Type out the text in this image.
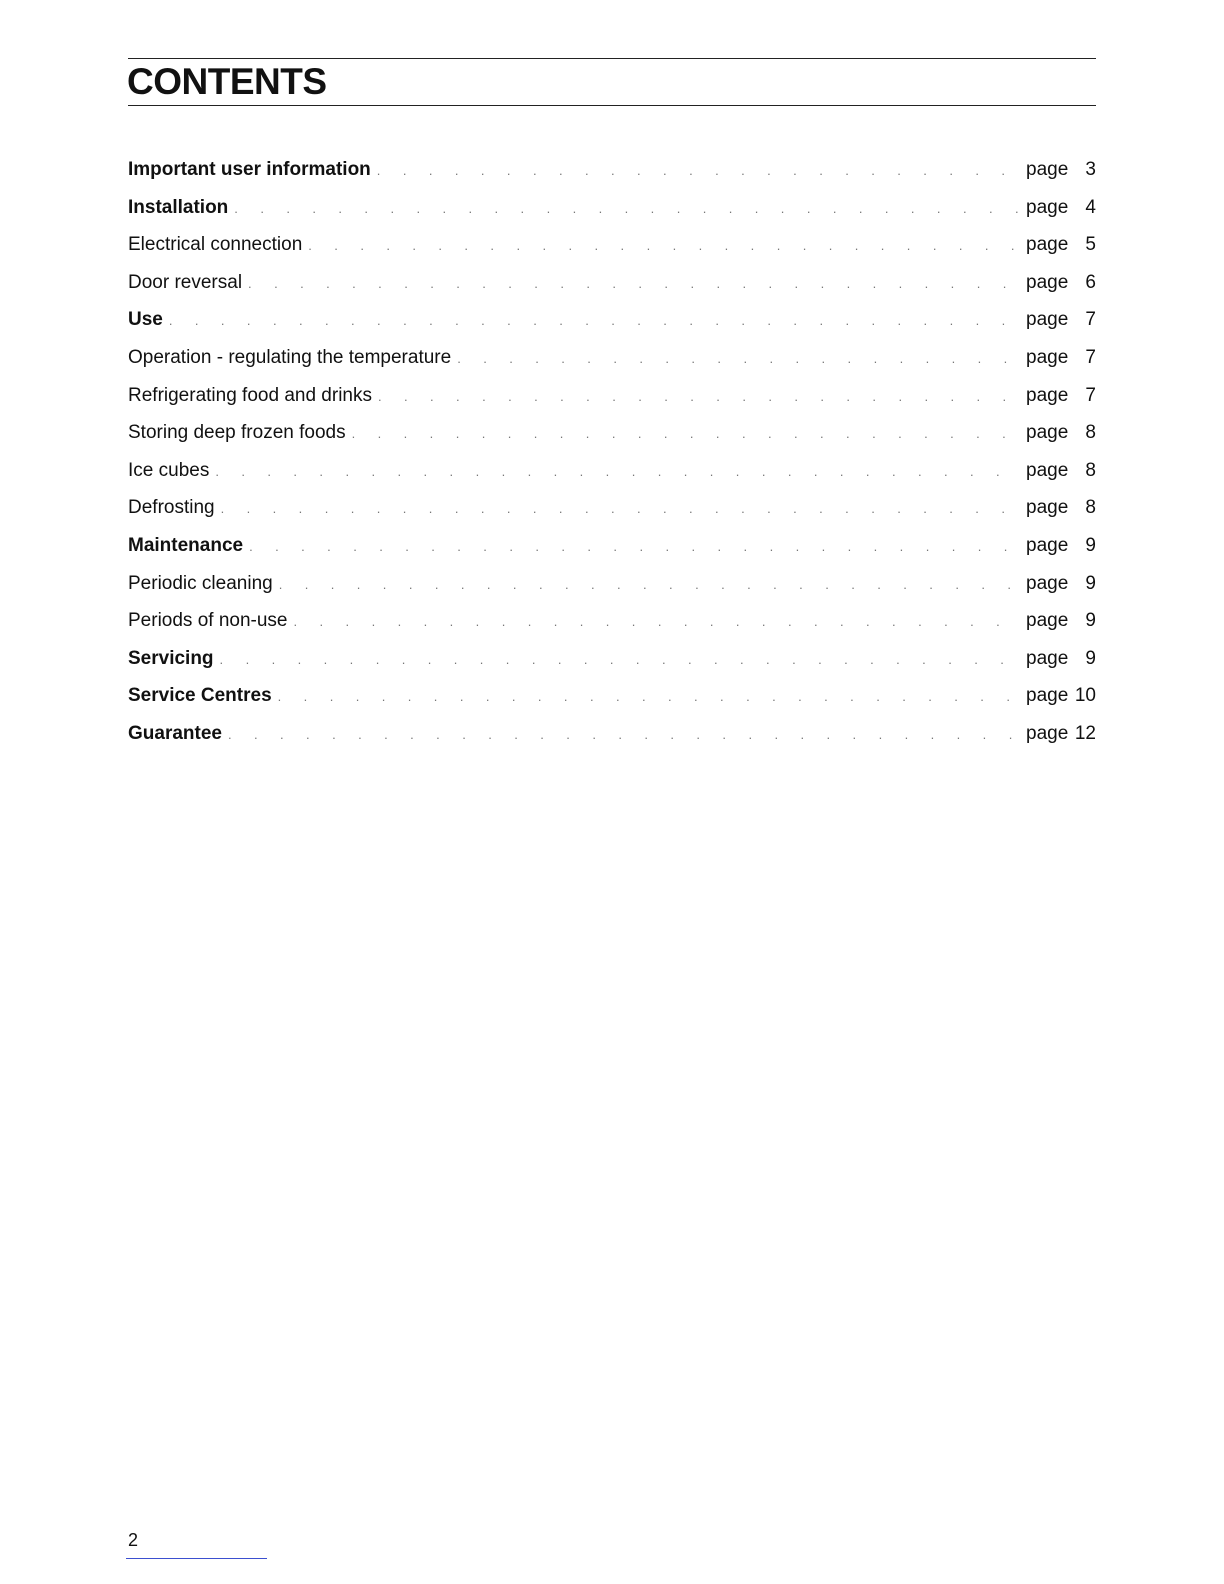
CONTENTS
Important user information . . .	page 3
Installation . . .	page 4
Electrical connection . . .	page 5
Door reversal . . .	page 6
Use . . .	page 7
Operation - regulating the temperature . . .	page 7
Refrigerating food and drinks . . .	page 7
Storing deep frozen foods . . .	page 8
Ice cubes . . .	page 8
Defrosting . . .	page 8
Maintenance . . .	page 9
Periodic cleaning . . .	page 9
Periods of non-use . . .	page 9
Servicing . . .	page 9
Service Centres . . .	page 10
Guarantee . . .	page 12
2
